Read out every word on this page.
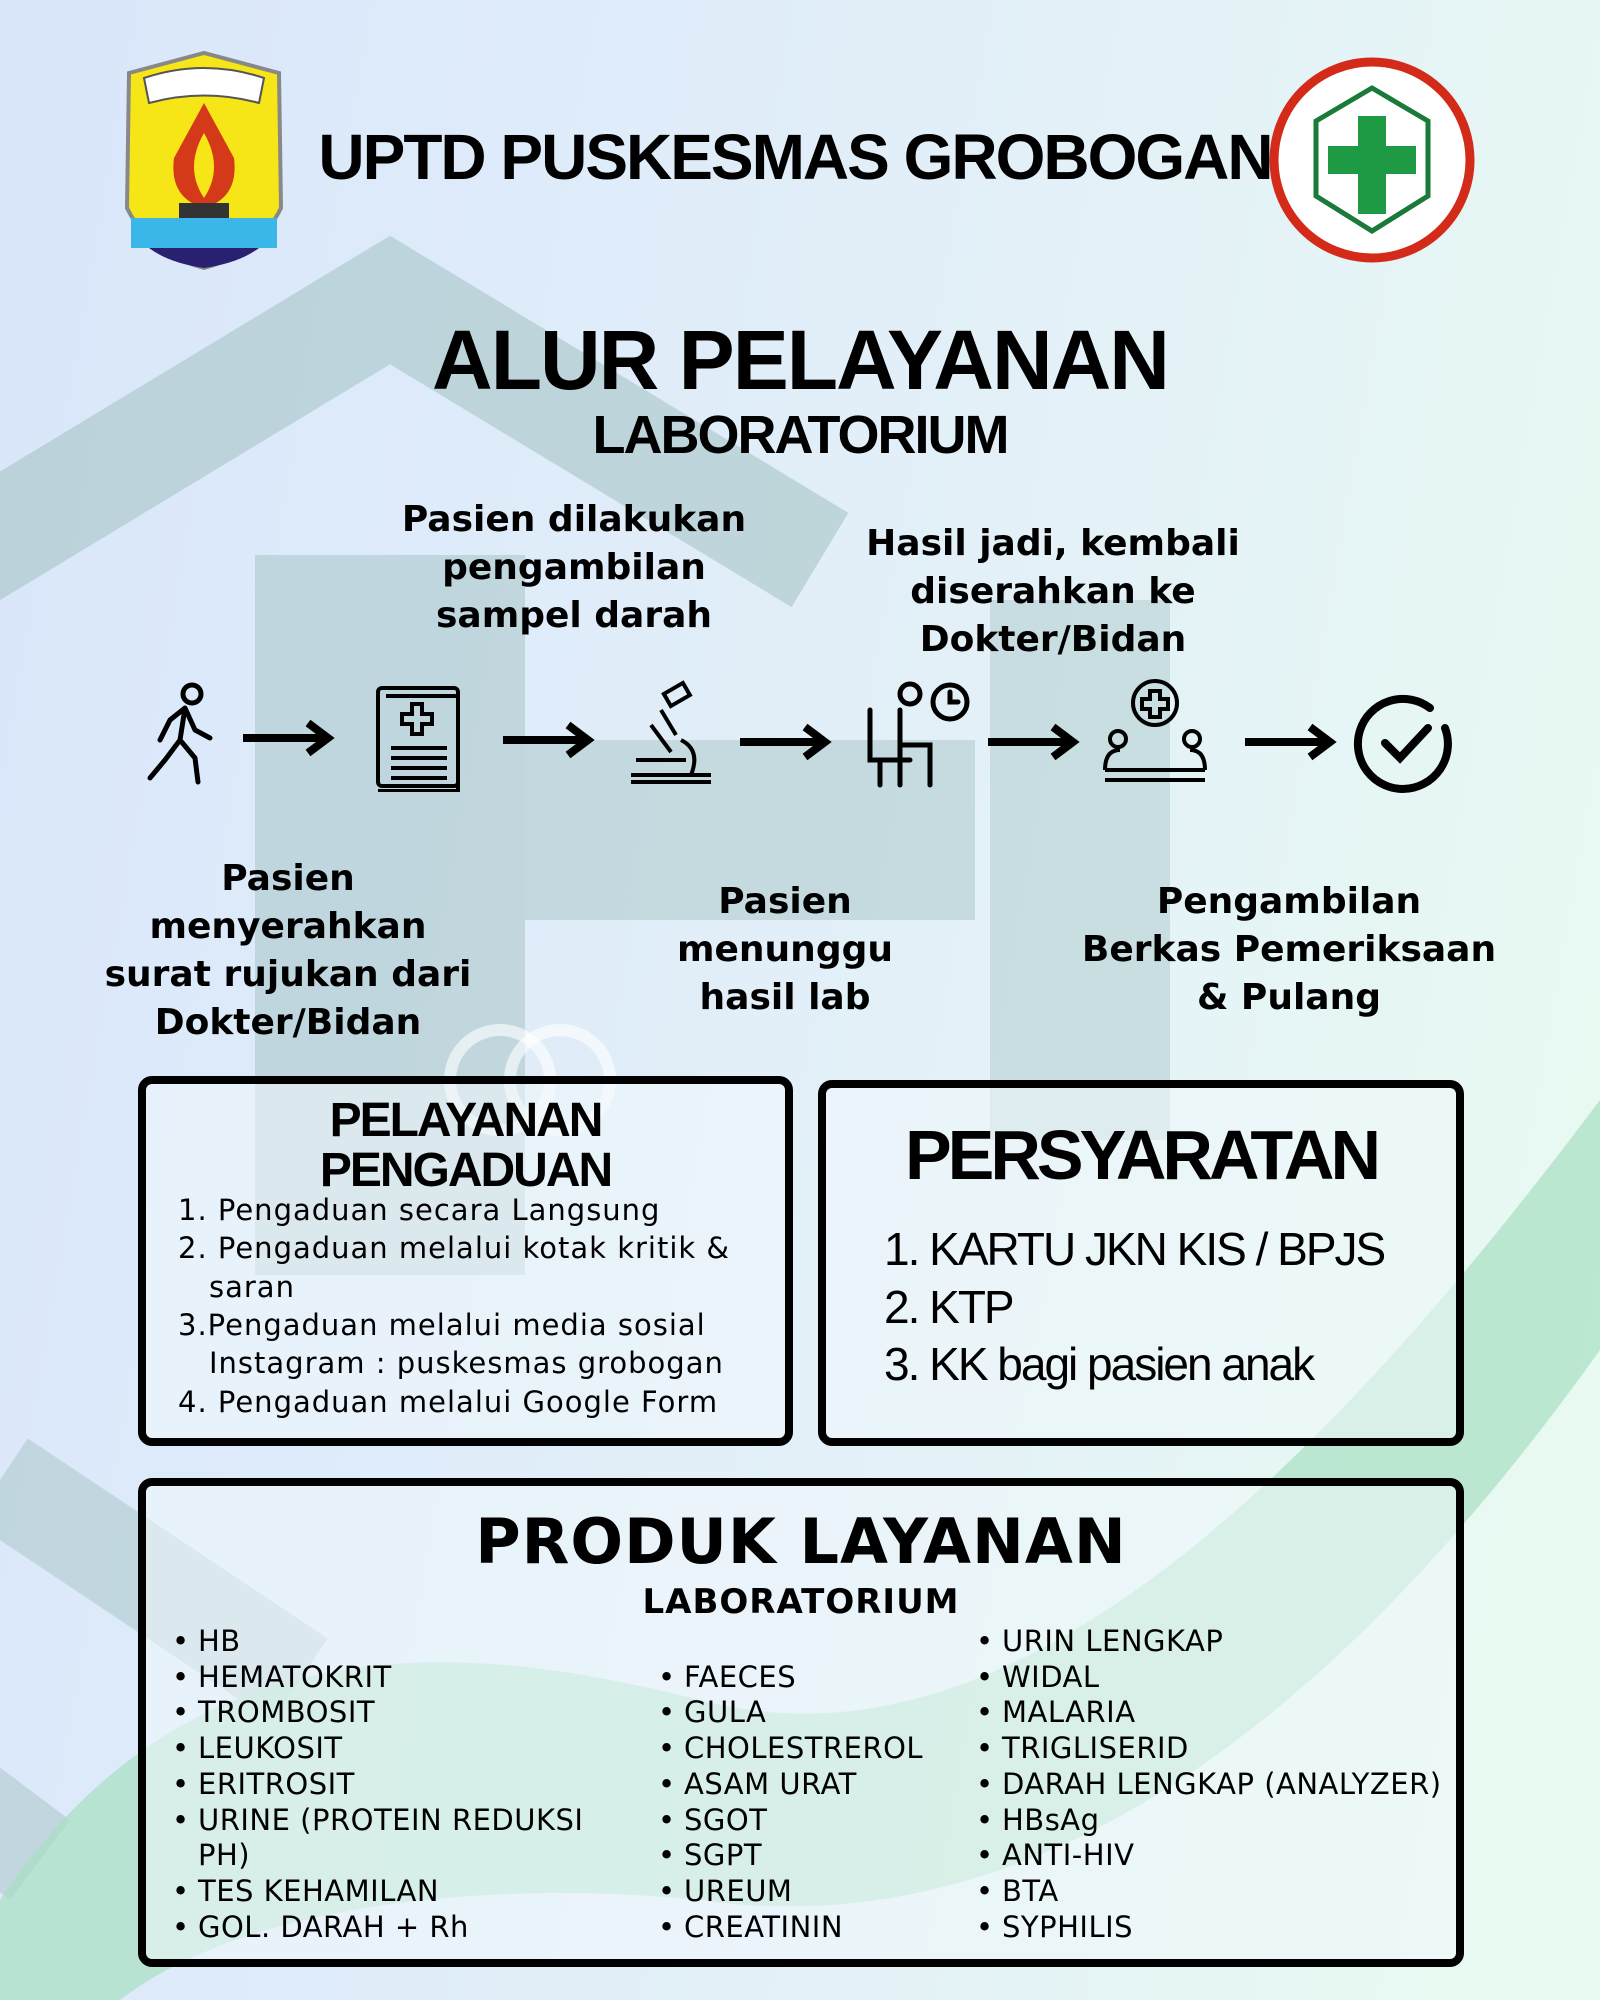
UPTD PUSKESMAS GROBOGAN
ALUR PELAYANAN
LABORATORIUM
Pasien dilakukan
pengambilan
sampel darah
Hasil jadi, kembali
diserahkan ke
Dokter/Bidan
Pasien
menyerahkan
surat rujukan dari
Dokter/Bidan
Pasien
menunggu
hasil lab
Pengambilan
Berkas Pemeriksaan
& Pulang
PELAYANAN
PENGADUAN
1. Pengaduan secara Langsung
2. Pengaduan melalui kotak kritik &
saran
3.Pengaduan melalui media sosial
Instagram : puskesmas grobogan
4. Pengaduan melalui Google Form
PERSYARATAN
1. KARTU JKN KIS / BPJS
2. KTP
3. KK bagi pasien anak
PRODUK LAYANAN
LABORATORIUM
• HB
• HEMATOKRIT
• TROMBOSIT
• LEUKOSIT
• ERITROSIT
• URINE (PROTEIN REDUKSI
• TES KEHAMILAN
• GOL. DARAH + Rh
PH)
• FAECES
• GULA
• CHOLESTREROL
• ASAM URAT
• SGOT
• SGPT
• UREUM
• CREATININ
• URIN LENGKAP
• WIDAL
• MALARIA
• TRIGLISERID
• DARAH LENGKAP (ANALYZER)
• HBsAg
• ANTI-HIV
• BTA
• SYPHILIS
